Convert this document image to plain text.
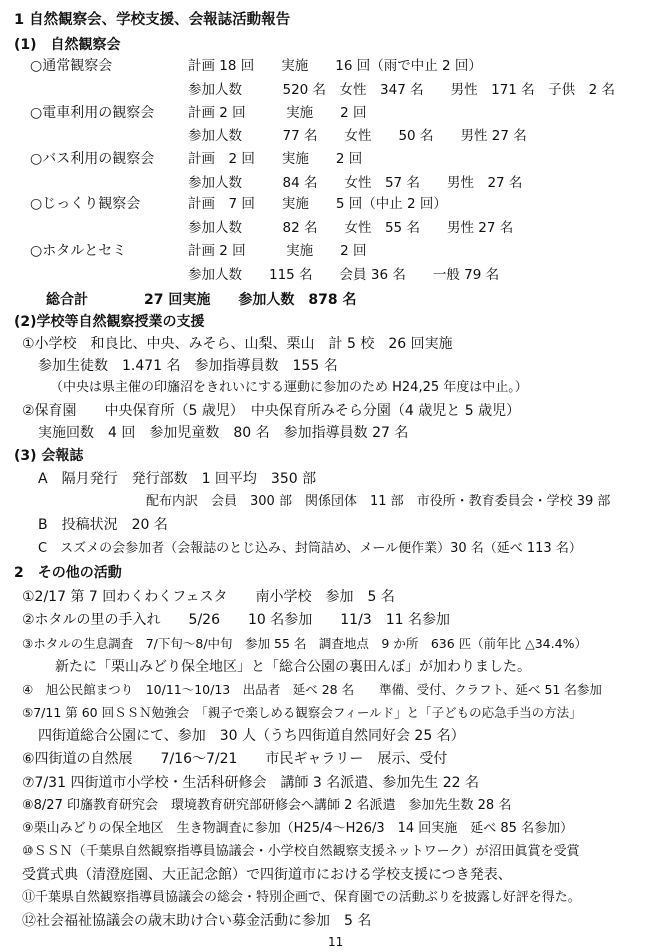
1 自然観察会、学校支援、会報誌活動報告
(1)　自然観察会
○通常観察会	計画 18 回　　実施　　16 回（雨で中止 2 回）
参加人数　　　520 名　女性　347 名　　男性　171 名　子供　2 名
○電車利用の観察会	計画 2 回　　　実施　　2 回
参加人数　　　77 名　　女性　　50 名　　男性 27 名
○バス利用の観察会	計画　2 回　　実施　　2 回
参加人数　　　84 名　　女性　57 名　　男性　27 名
○じっくり観察会	計画　7 回　　実施　　5 回（中止 2 回）
参加人数　　　82 名　　女性　55 名　　男性 27 名
○ホタルとセミ	計画 2 回　　　実施　　2 回
参加人数　　115 名　　会員 36 名　　一般 79 名
総合計　　　　27 回実施　　参加人数　878 名
(2)学校等自然観察授業の支援
①小学校　和良比、中央、みそら、山梨、栗山　計 5 校　26 回実施
参加生徒数　1.471 名　参加指導員数　155 名
（中央は県主催の印旛沼をきれいにする運動に参加のため H24,25 年度は中止。）
②保育園　　中央保育所（5 歳児）　中央保育所みそら分園（4 歳児と 5 歳児）
実施回数　4 回　参加児童数　80 名　参加指導員数 27 名
(3) 会報誌
A　隔月発行　発行部数　1 回平均　350 部
配布内訳　会員　300 部　関係団体　11 部　市役所・教育委員会・学校 39 部
B　投稿状況　20 名
C　スズメの会参加者（会報誌のとじ込み、封筒詰め、メール便作業）30 名（延べ 113 名）
2　その他の活動
①2/17 第 7 回わくわくフェスタ　　南小学校　参加　5 名
②ホタルの里の手入れ　　5/26　　10 名参加　　11/3　11 名参加
③ホタルの生息調査　7/下旬〜8/中旬　参加 55 名　調査地点　9 か所　636 匹（前年比 △34.4%）
新たに「栗山みどり保全地区」と「総合公園の裏田んぼ」が加わりました。
④　旭公民館まつり　10/11〜10/13　出品者　延べ 28 名　　準備、受付、クラフト、延べ 51 名参加
⑤7/11 第 60 回ＳＳＮ勉強会　「親子で楽しめる観察会フィールド」と「子どもの応急手当の方法」
四街道総合公園にて、参加　30 人（うち四街道自然同好会 25 名）
⑥四街道の自然展　　7/16〜7/21　　市民ギャラリー　展示、受付
⑦7/31 四街道市小学校・生活科研修会　講師 3 名派遣、参加先生 22 名
⑧8/27 印旛教育研究会　環境教育研究部研修会へ講師 2 名派遣　参加先生数 28 名
⑨栗山みどりの保全地区　生き物調査に参加（H25/4〜H26/3　14 回実施　延べ 85 名参加）
⑩ＳＳＮ（千葉県自然観察指導員協議会・小学校自然観察支援ネットワーク）が沼田眞賞を受賞
受賞式典（清澄庭園、大正記念館）で四街道市における学校支援につき発表、
⑪千葉県自然観察指導員協議会の総会・特別企画で、保育園での活動ぶりを披露し好評を得た。
⑫社会福祉協議会の歳末助け合い募金活動に参加　5 名
11
